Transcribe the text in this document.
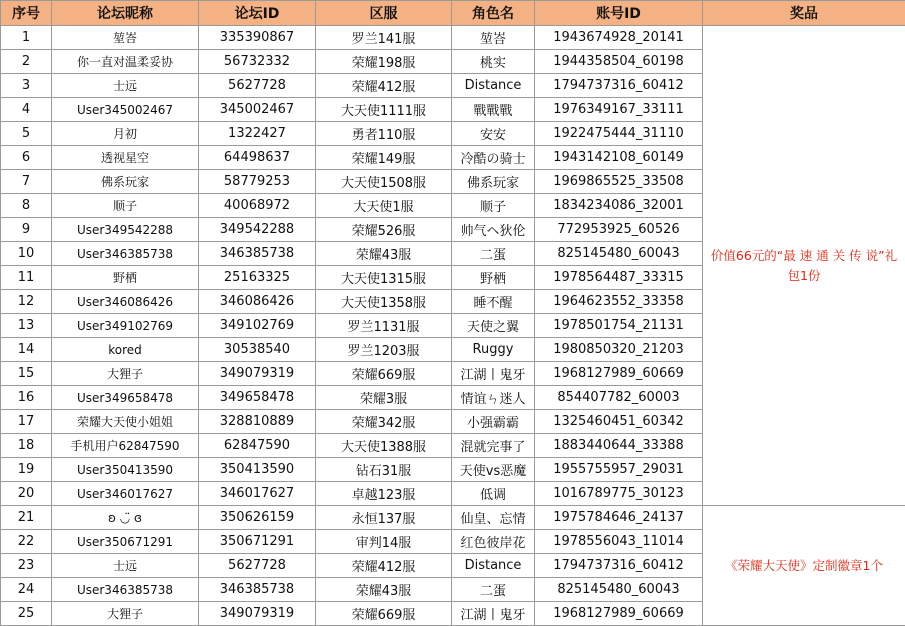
序号	论坛昵称	论坛ID	区服	角色名	账号ID	奖品
1	堃峇	335390867	罗兰141服	堃峇	1943674928_20141	价值66元的“最 速 通 关 传 说”礼包1份
2	你一直对温柔妥协	56732332	荣耀198服	桃实	1944358504_60198	
3	士远	5627728	荣耀412服	Distance	1794737316_60412	
4	User345002467	345002467	大天使1111服	戰戰戰	1976349167_33111	
5	月初	1322427	勇者110服	安安	1922475444_31110	
6	透视星空	64498637	荣耀149服	冷酷の骑士	1943142108_60149	
7	佛系玩家	58779253	大天使1508服	佛系玩家	1969865525_33508	
8	顺子	40068972	大天使1服	顺子	1834234086_32001	
9	User349542288	349542288	荣耀526服	帅气ヘ狄伦	772953925_60526	
10	User346385738	346385738	荣耀43服	二蛋	825145480_60043	
11	野栖	25163325	大天使1315服	野栖	1978564487_33315	
12	User346086426	346086426	大天使1358服	睡不醒	1964623552_33358	
13	User349102769	349102769	罗兰1131服	天使之翼	1978501754_21131	
14	kored	30538540	罗兰1203服	Ruggy	1980850320_21203	
15	大狸子	349079319	荣耀669服	江湖丨鬼牙	1968127989_60669	
16	User349658478	349658478	荣耀3服	情谊ㄣ迷人	854407782_60003	
17	荣耀大天使小姐姐	328810889	荣耀342服	小强霸霸	1325460451_60342	
18	手机用户62847590	62847590	大天使1388服	混就完事了	1883440644_33388	
19	User350413590	350413590	钻石31服	天使vs恶魔	1955755957_29031	
20	User346017627	346017627	卓越123服	低调	1016789775_30123	
21	ʚ ◡̈ ɞ	350626159	永恒137服	仙皇、忘情	1975784646_24137	《荣耀大天使》定制徽章1个
22	User350671291	350671291	审判14服	红色彼岸花	1978556043_11014	
23	士远	5627728	荣耀412服	Distance	1794737316_60412	
24	User346385738	346385738	荣耀43服	二蛋	825145480_60043	
25	大狸子	349079319	荣耀669服	江湖丨鬼牙	1968127989_60669	
